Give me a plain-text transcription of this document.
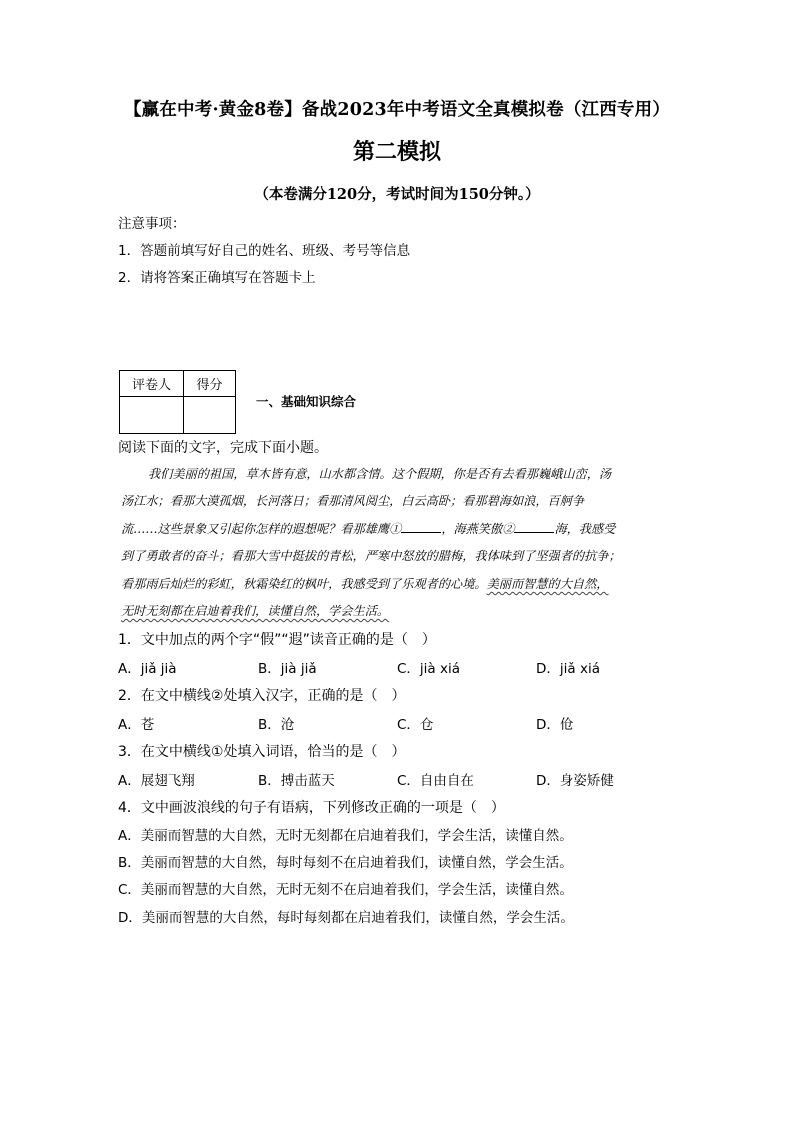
【赢在中考·黄金8卷】备战2023年中考语文全真模拟卷（江西专用）
第二模拟
（本卷满分120分，考试时间为150分钟。）
注意事项：
1．答题前填写好自己的姓名、班级、考号等信息
2．请将答案正确填写在答题卡上
评卷人	得分

一、基础知识综合
阅读下面的文字，完成下面小题。
我们美丽的祖国，草木皆有意，山水都含情。这个假期，你是否有去看那巍峨山峦，汤
汤江水；看那大漠孤烟，长河落日；看那清风阅尘，白云高卧；看那碧海如浪，百舸争
流……这些景象又引起你怎样的遐想呢？看那雄鹰①	，海燕笑傲②	海，我感受
到了勇敢者的奋斗；看那大雪中挺拔的青松，严寒中怒放的腊梅，我体味到了坚强者的抗争；
看那雨后灿烂的彩虹，秋霜染红的枫叶，我感受到了乐观者的心境。美丽而智慧的大自然，
无时无刻都在启迪着我们，读懂自然，学会生活。
1．文中加点的两个字“假”“遐”读音正确的是（　）
A．jiǎ jià	B．jià jiǎ	C．jià xiá	D．jiǎ xiá
2．在文中横线②处填入汉字，正确的是（　）
A．苍	B．沧	C．仓	D．伧
3．在文中横线①处填入词语，恰当的是（　）
A．展翅飞翔	B．搏击蓝天	C．自由自在	D．身姿矫健
4．文中画波浪线的句子有语病，下列修改正确的一项是（　）
A．美丽而智慧的大自然，无时无刻都在启迪着我们，学会生活，读懂自然。
B．美丽而智慧的大自然，每时每刻不在启迪着我们，读懂自然，学会生活。
C．美丽而智慧的大自然，无时无刻不在启迪着我们，学会生活，读懂自然。
D．美丽而智慧的大自然，每时每刻都在启迪着我们，读懂自然，学会生活。
